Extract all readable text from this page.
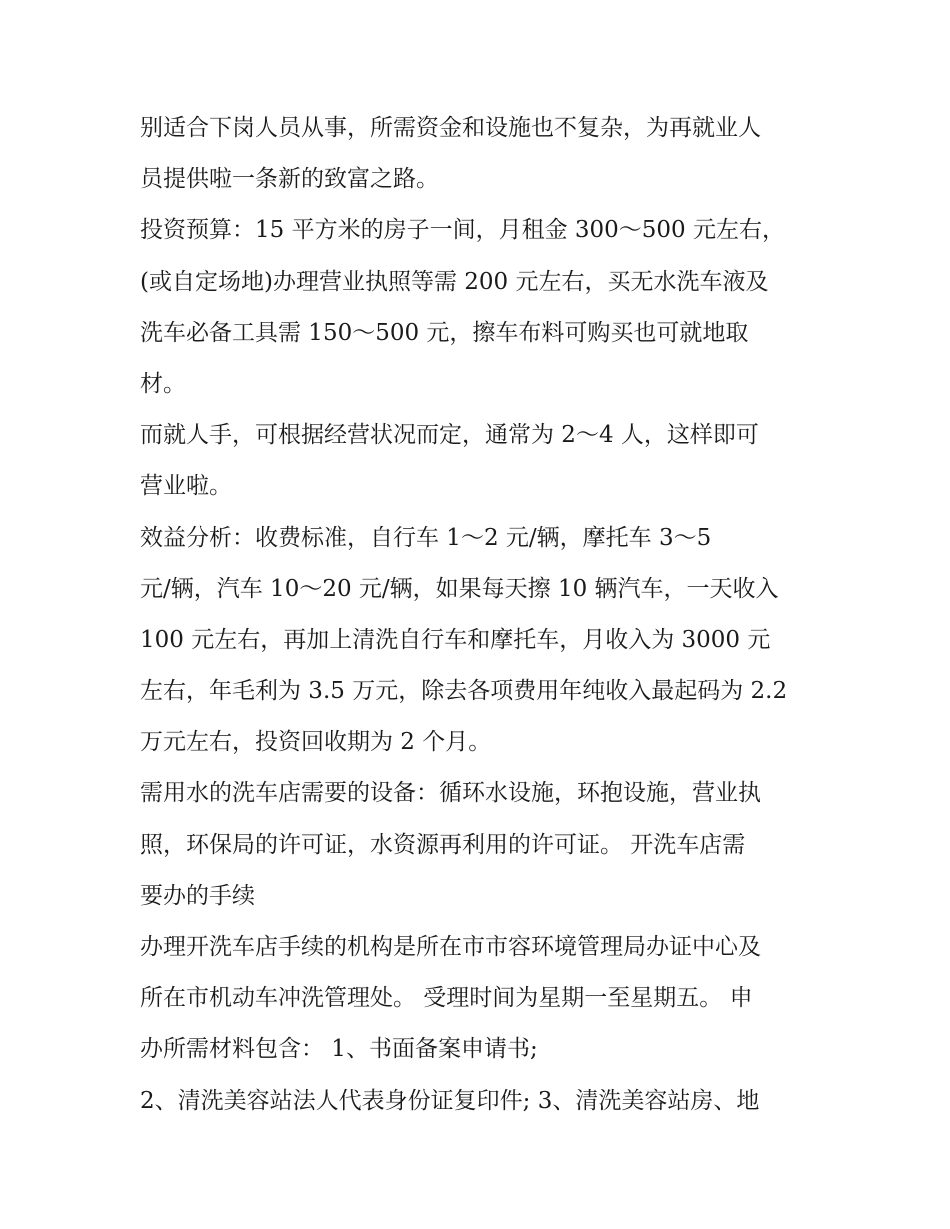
别适合下岗人员从事，所需资金和设施也不复杂，为再就业人

员提供啦一条新的致富之路。

投资预算：15 平方米的房子一间，月租金 300～500 元左右，

(或自定场地)办理营业执照等需 200 元左右，买无水洗车液及

洗车必备工具需 150～500 元，擦车布料可购买也可就地取

材。

而就人手，可根据经营状况而定，通常为 2～4 人，这样即可

营业啦。

效益分析：收费标准，自行车 1～2 元/辆，摩托车 3～5

元/辆，汽车 10～20 元/辆，如果每天擦 10 辆汽车，一天收入

100 元左右，再加上清洗自行车和摩托车，月收入为 3000 元

左右，年毛利为 3.5 万元，除去各项费用年纯收入最起码为 2.2

万元左右，投资回收期为 2 个月。

需用水的洗车店需要的设备：循环水设施，环抱设施，营业执

照，环保局的许可证，水资源再利用的许可证。 开洗车店需

要办的手续

办理开洗车店手续的机构是所在市市容环境管理局办证中心及

所在市机动车冲洗管理处。 受理时间为星期一至星期五。 申

办所需材料包含： 1、书面备案申请书;

2、清洗美容站法人代表身份证复印件; 3、清洗美容站房、地
